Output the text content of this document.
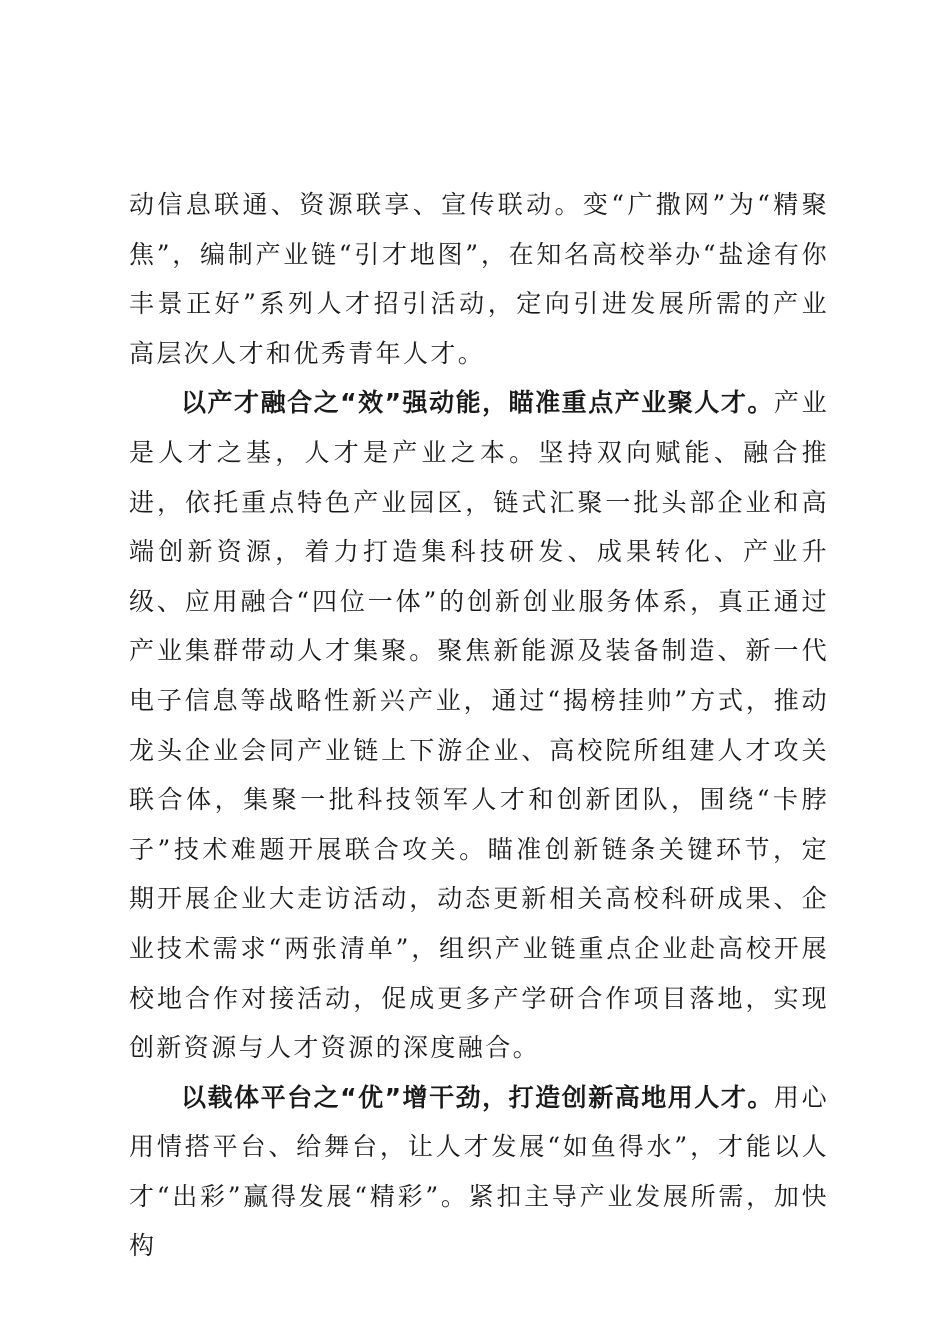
动信息联通、资源联享、宣传联动。变“广撒网”为“精聚焦”，编制产业链“引才地图”，在知名高校举办“盐途有你丰景正好”系列人才招引活动，定向引进发展所需的产业高层次人才和优秀青年人才。

以产才融合之“效”强动能，瞄准重点产业聚人才。产业是人才之基，人才是产业之本。坚持双向赋能、融合推进，依托重点特色产业园区，链式汇聚一批头部企业和高端创新资源，着力打造集科技研发、成果转化、产业升级、应用融合“四位一体”的创新创业服务体系，真正通过产业集群带动人才集聚。聚焦新能源及装备制造、新一代电子信息等战略性新兴产业，通过“揭榜挂帅”方式，推动龙头企业会同产业链上下游企业、高校院所组建人才攻关联合体，集聚一批科技领军人才和创新团队，围绕“卡脖子”技术难题开展联合攻关。瞄准创新链条关键环节，定期开展企业大走访活动，动态更新相关高校科研成果、企业技术需求“两张清单”，组织产业链重点企业赴高校开展校地合作对接活动，促成更多产学研合作项目落地，实现创新资源与人才资源的深度融合。

以载体平台之“优”增干劲，打造创新高地用人才。用心用情搭平台、给舞台，让人才发展“如鱼得水”，才能以人才“出彩”赢得发展“精彩”。紧扣主导产业发展所需，加快构
